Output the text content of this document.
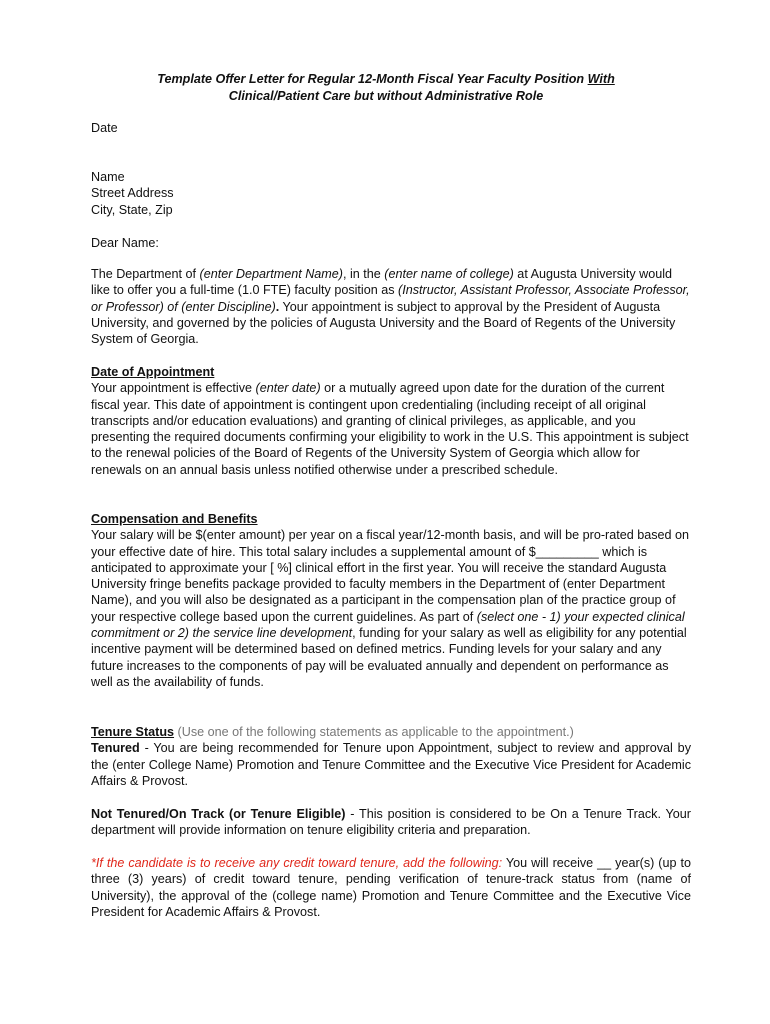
Template Offer Letter for Regular 12-Month Fiscal Year Faculty Position With
Clinical/Patient Care but without Administrative Role
Date
Name
Street Address
City, State, Zip
Dear Name:
The Department of (enter Department Name), in the (enter name of college) at Augusta University would like to offer you a full-time (1.0 FTE) faculty position as (Instructor, Assistant Professor, Associate Professor, or Professor) of (enter Discipline). Your appointment is subject to approval by the President of Augusta University, and governed by the policies of Augusta University and the Board of Regents of the University System of Georgia.
Date of Appointment
Your appointment is effective (enter date) or a mutually agreed upon date for the duration of the current fiscal year. This date of appointment is contingent upon credentialing (including receipt of all original transcripts and/or education evaluations) and granting of clinical privileges, as applicable, and you presenting the required documents confirming your eligibility to work in the U.S. This appointment is subject to the renewal policies of the Board of Regents of the University System of Georgia which allow for renewals on an annual basis unless notified otherwise under a prescribed schedule.
Compensation and Benefits
Your salary will be $(enter amount) per year on a fiscal year/12-month basis, and will be pro-rated based on your effective date of hire. This total salary includes a supplemental amount of $_________ which is anticipated to approximate your [ %] clinical effort in the first year. You will receive the standard Augusta University fringe benefits package provided to faculty members in the Department of (enter Department Name), and you will also be designated as a participant in the compensation plan of the practice group of your respective college based upon the current guidelines. As part of (select one - 1) your expected clinical commitment or 2) the service line development, funding for your salary as well as eligibility for any potential incentive payment will be determined based on defined metrics. Funding levels for your salary and any future increases to the components of pay will be evaluated annually and dependent on performance as well as the availability of funds.
Tenure Status (Use one of the following statements as applicable to the appointment.)
Tenured - You are being recommended for Tenure upon Appointment, subject to review and approval by the (enter College Name) Promotion and Tenure Committee and the Executive Vice President for Academic Affairs & Provost.
Not Tenured/On Track (or Tenure Eligible) - This position is considered to be On a Tenure Track. Your department will provide information on tenure eligibility criteria and preparation.
*If the candidate is to receive any credit toward tenure, add the following: You will receive __ year(s) (up to three (3) years) of credit toward tenure, pending verification of tenure-track status from (name of University), the approval of the (college name) Promotion and Tenure Committee and the Executive Vice President for Academic Affairs & Provost.
